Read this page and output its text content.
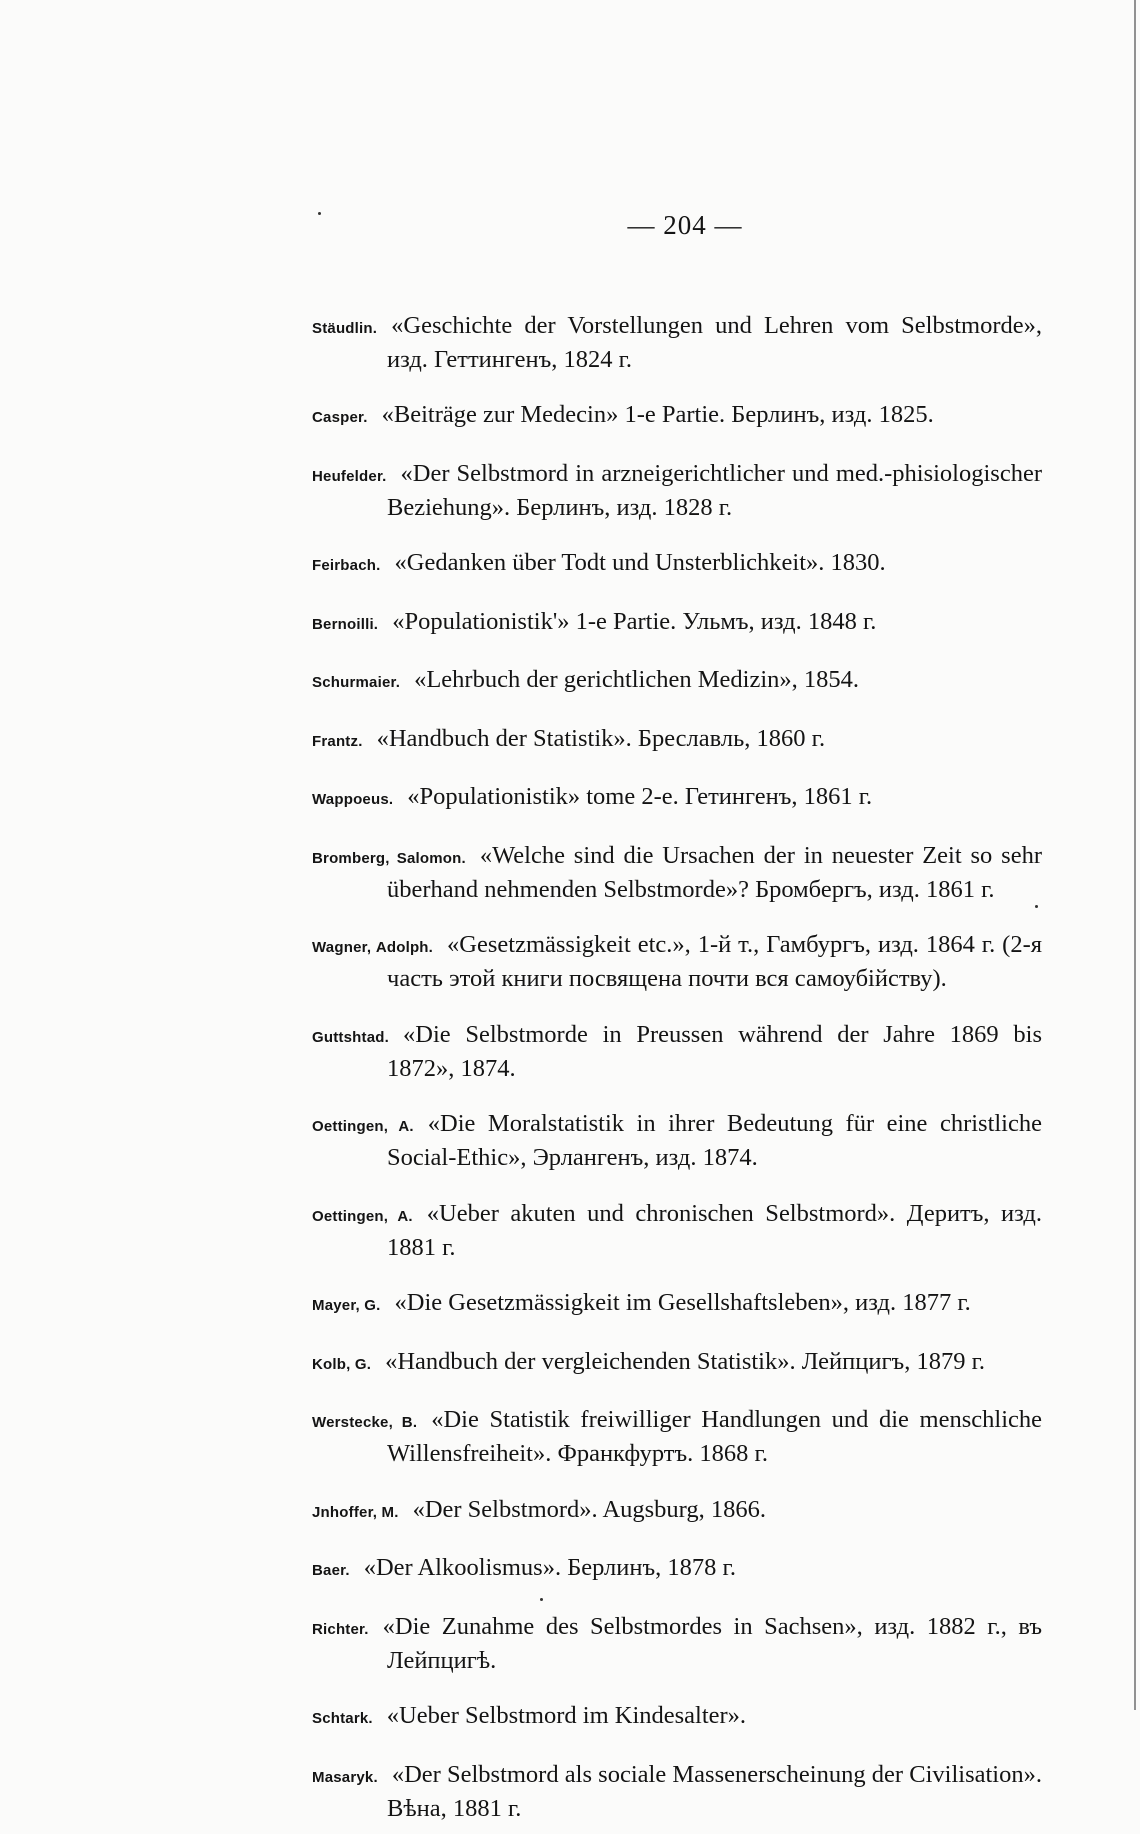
— 204 —

Stäudlin. «Geschichte der Vorstellungen und Lehren vom Selbstmorde», изд. Геттингенъ, 1824 г.

Casper. «Beiträge zur Medecin» 1-e Partie. Берлинъ, изд. 1825.

Heufelder. «Der Selbstmord in arzneigerichtlicher und med.-phisiologischer Beziehung». Берлинъ, изд. 1828 г.

Feirbach. «Gedanken über Todt und Unsterblichkeit». 1830.

Bernoilli. «Populationistik'» 1-e Partie. Ульмъ, изд. 1848 г.

Schurmaier. «Lehrbuch der gerichtlichen Medizin», 1854.

Frantz. «Handbuch der Statistik». Бреславль, 1860 г.

Wappoeus. «Populationistik» tome 2-e. Гетингенъ, 1861 г.

Bromberg, Salomon. «Welche sind die Ursachen der in neuester Zeit so sehr überhand nehmenden Selbstmorde»? Бромбергъ, изд. 1861 г.

Wagner, Adolph. «Gesetzmässigkeit etc.», 1-й т., Гамбургъ, изд. 1864 г. (2-я часть этой книги посвящена почти вся самоубійству).

Guttshtad. «Die Selbstmorde in Preussen während der Jahre 1869 bis 1872», 1874.

Oettingen, A. «Die Moralstatistik in ihrer Bedeutung für eine christliche Social-Ethic», Эрлангенъ, изд. 1874.

Oettingen, A. «Ueber akuten und chronischen Selbstmord». Деритъ, изд. 1881 г.

Mayer, G. «Die Gesetzmässigkeit im Gesellshaftsleben», изд. 1877 г.

Kolb, G. «Handbuch der vergleichenden Statistik». Лейпцигъ, 1879 г.

Werstecke, B. «Die Statistik freiwilliger Handlungen und die menschliche Willensfreiheit». Франкфуртъ. 1868 г.

Jnhoffer, M. «Der Selbstmord». Augsburg, 1866.

Baer. «Der Alkoolismus». Берлинъ, 1878 г.

Richter. «Die Zunahme des Selbstmordes in Sachsen», изд. 1882 г., въ Лейпцигѣ.

Schtark. «Ueber Selbstmord im Kindesalter».

Masaryk. «Der Selbstmord als sociale Massenerscheinung der Civilisation». Вѣна, 1881 г.
